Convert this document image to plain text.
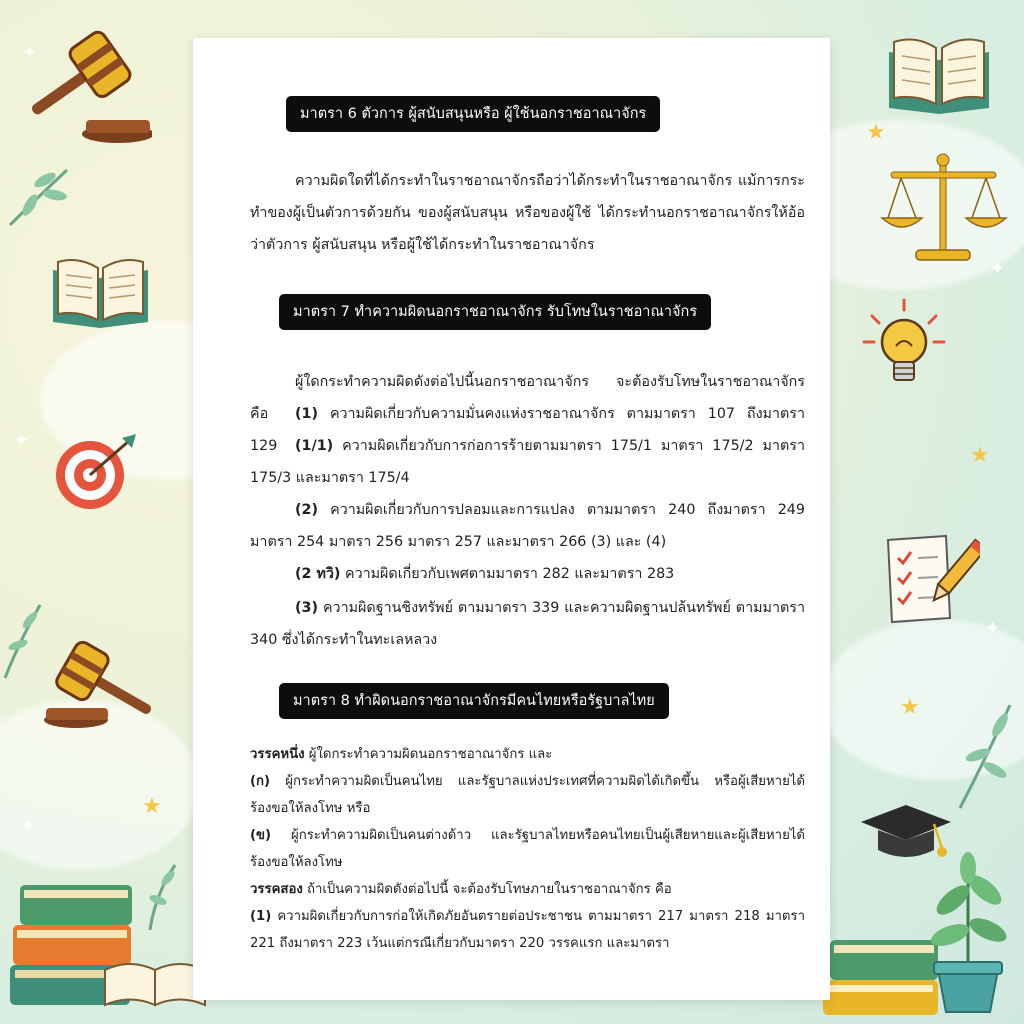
✦
✦
✦
✦
✦
★
★
★
★
มาตรา 6 ตัวการ ผู้สนับสนุนหรือ ผู้ใช้นอกราชอาณาจักร
ความผิดใดที่ได้กระทำในราชอาณาจักรถือว่าได้กระทำในราชอาณาจักร แม้การกระทำของผู้เป็นตัวการด้วยกัน ของผู้สนับสนุน หรือของผู้ใช้ ได้กระทำนอกราชอาณาจักรให้อ้อว่าตัวการ ผู้สนับสนุน หรือผู้ใช้ได้กระทำในราชอาณาจักร
มาตรา 7 ทำความผิดนอกราชอาณาจักร รับโทษในราชอาณาจักร
ผู้ใดกระทำความผิดดังต่อไปนี้นอกราชอาณาจักร จะต้องรับโทษในราชอาณาจักร คือ	(1) ความผิดเกี่ยวกับความมั่นคงแห่งราชอาณาจักร ตามมาตรา 107 ถึงมาตรา 129	(1/1) ความผิดเกี่ยวกับการก่อการร้ายตามมาตรา 175/1 มาตรา 175/2 มาตรา 175/3 และมาตรา 175/4
(2) ความผิดเกี่ยวกับการปลอมและการแปลง ตามมาตรา 240 ถึงมาตรา 249 มาตรา 254 มาตรา 256 มาตรา 257 และมาตรา 266 (3) และ (4)
(2 ทวิ) ความผิดเกี่ยวกับเพศตามมาตรา 282 และมาตรา 283
(3) ความผิดฐานชิงทรัพย์ ตามมาตรา 339 และความผิดฐานปล้นทรัพย์ ตามมาตรา 340 ซึ่งได้กระทำในทะเลหลวง
มาตรา 8 ทำผิดนอกราชอาณาจักรมีคนไทยหรือรัฐบาลไทย
วรรคหนึ่ง ผู้ใดกระทำความผิดนอกราชอาณาจักร และ
(ก) ผู้กระทำความผิดเป็นคนไทย และรัฐบาลแห่งประเทศที่ความผิดได้เกิดขึ้น หรือผู้เสียหายได้ร้องขอให้ลงโทษ หรือ
(ข) ผู้กระทำความผิดเป็นคนต่างด้าว และรัฐบาลไทยหรือคนไทยเป็นผู้เสียหายและผู้เสียหายได้ร้องขอให้ลงโทษ
วรรคสอง ถ้าเป็นความผิดดังต่อไปนี้ จะต้องรับโทษภายในราชอาณาจักร คือ
(1) ความผิดเกี่ยวกับการก่อให้เกิดภัยอันตรายต่อประชาชน ตามมาตรา 217 มาตรา 218 มาตรา 221 ถึงมาตรา 223 เว้นแต่กรณีเกี่ยวกับมาตรา 220 วรรคแรก และมาตรา
